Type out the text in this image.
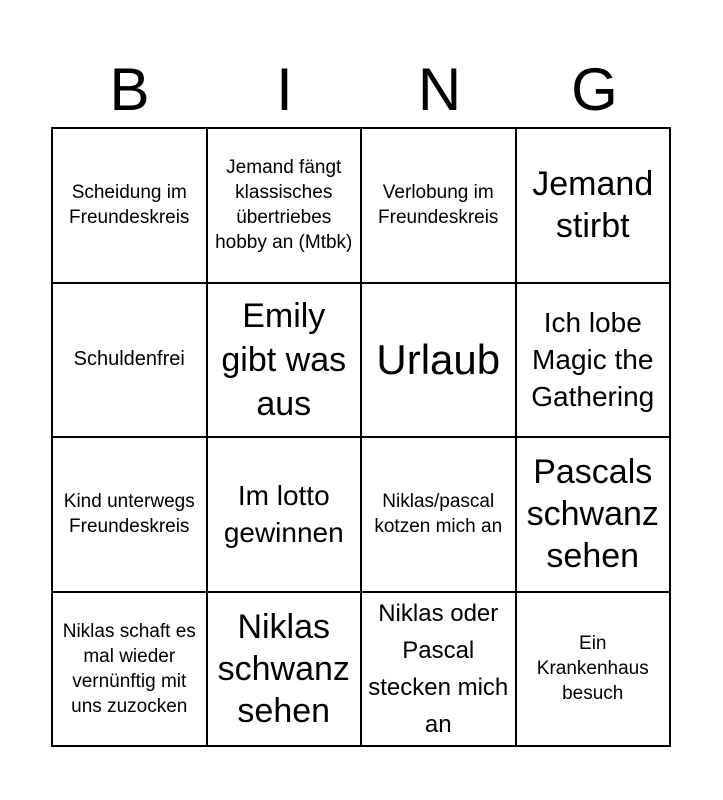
B	I	N	G
Scheidung im Freundeskreis
Jemand fängt klassisches übertriebes hobby an (Mtbk)
Verlobung im Freundeskreis
Jemand stirbt
Schuldenfrei
Emily gibt was aus
Urlaub
Ich lobe Magic the Gathering
Kind unterwegs Freundeskreis
Im lotto gewinnen
Niklas/pascal kotzen mich an
Pascals schwanz sehen
Niklas schaft es mal wieder vernünftig mit uns zuzocken
Niklas schwanz sehen
Niklas oder Pascal stecken mich an
Ein Krankenhaus besuch
